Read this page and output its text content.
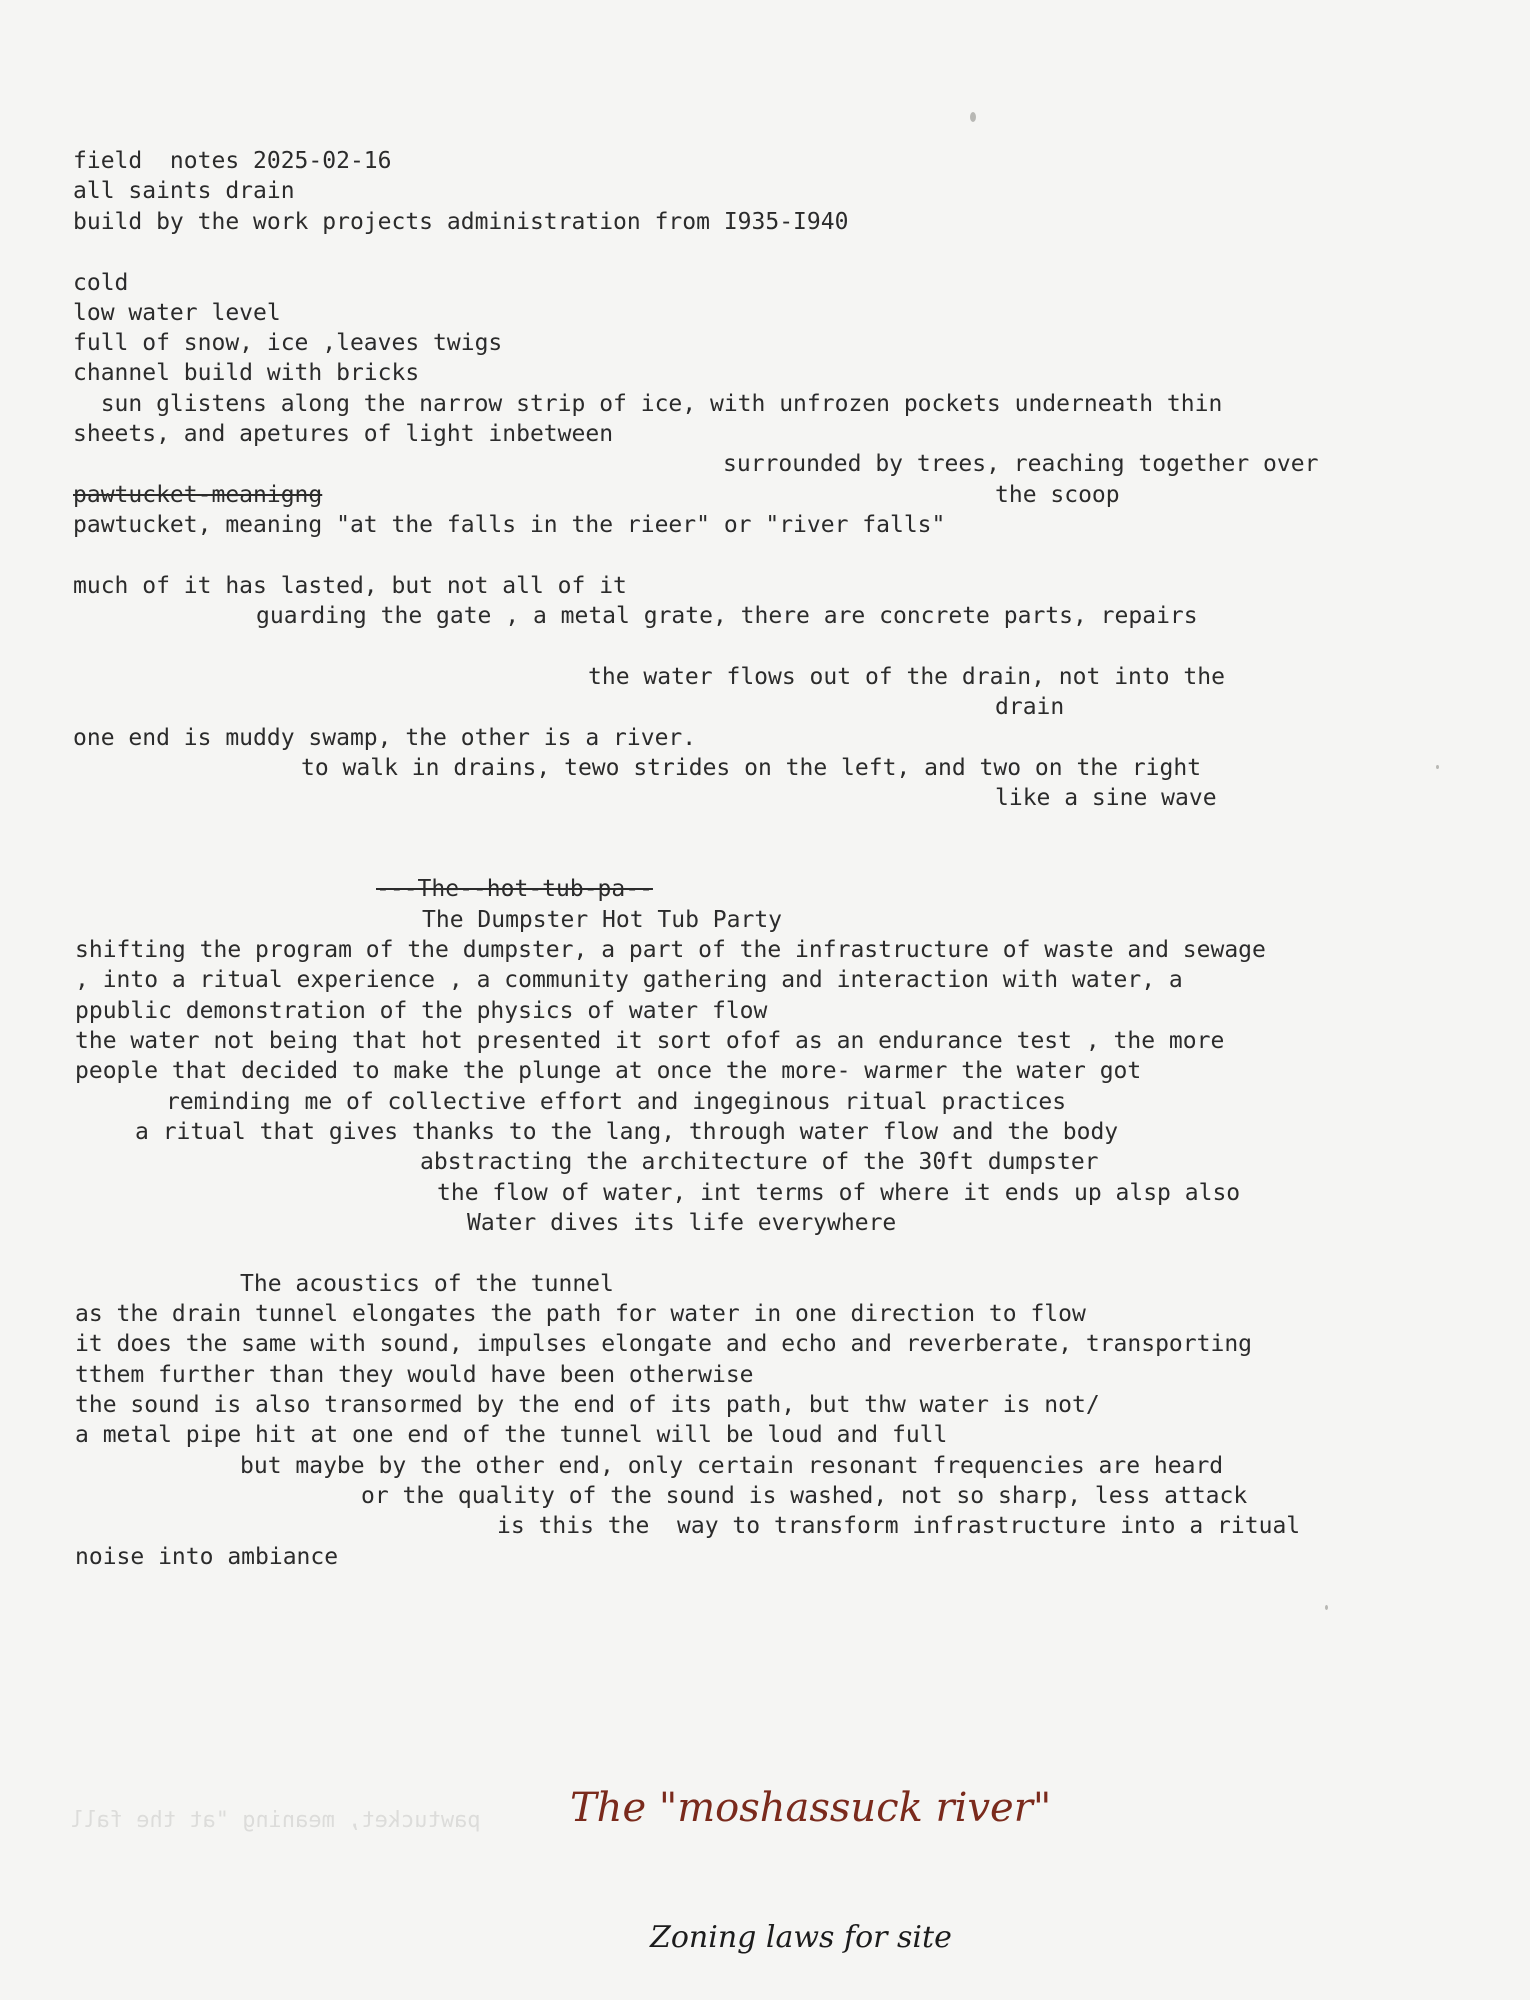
field  notes 2025-02-16
all saints drain
build by the work projects administration from I935-I940
cold
low water level
full of snow, ice ,leaves twigs
channel build with bricks
sun glistens along the narrow strip of ice, with unfrozen pockets underneath thin
sheets, and apetures of light inbetween
surrounded by trees, reaching together over
pawtucket-meanigng	the scoop
pawtucket, meaning "at the falls in the rieer" or "river falls"
much of it has lasted, but not all of it
guarding the gate , a metal grate, there are concrete parts, repairs
the water flows out of the drain, not into the
drain
one end is muddy swamp, the other is a river.
to walk in drains, tewo strides on the left, and two on the right
like a sine wave
---The--hot-tub-pa--
The Dumpster Hot Tub Party
shifting the program of the dumpster, a part of the infrastructure of waste and sewage
, into a ritual experience , a community gathering and interaction with water, a
ppublic demonstration of the physics of water flow
the water not being that hot presented it sort ofof as an endurance test , the more
people that decided to make the plunge at once the more- warmer the water got
reminding me of collective effort and ingeginous ritual practices
a ritual that gives thanks to the lang, through water flow and the body
abstracting the architecture of the 30ft dumpster
the flow of water, int terms of where it ends up alsp also
Water dives its life everywhere
The acoustics of the tunnel
as the drain tunnel elongates the path for water in one direction to flow
it does the same with sound, impulses elongate and echo and reverberate, transporting
tthem further than they would have been otherwise
the sound is also transormed by the end of its path, but thw water is not/
a metal pipe hit at one end of the tunnel will be loud and full
but maybe by the other end, only certain resonant frequencies are heard
or the quality of the sound is washed, not so sharp, less attack
is this the  way to transform infrastructure into a ritual
noise into ambiance
pawtucket, meaning "at the fall The "moshassuck river"
Zoning laws for site
